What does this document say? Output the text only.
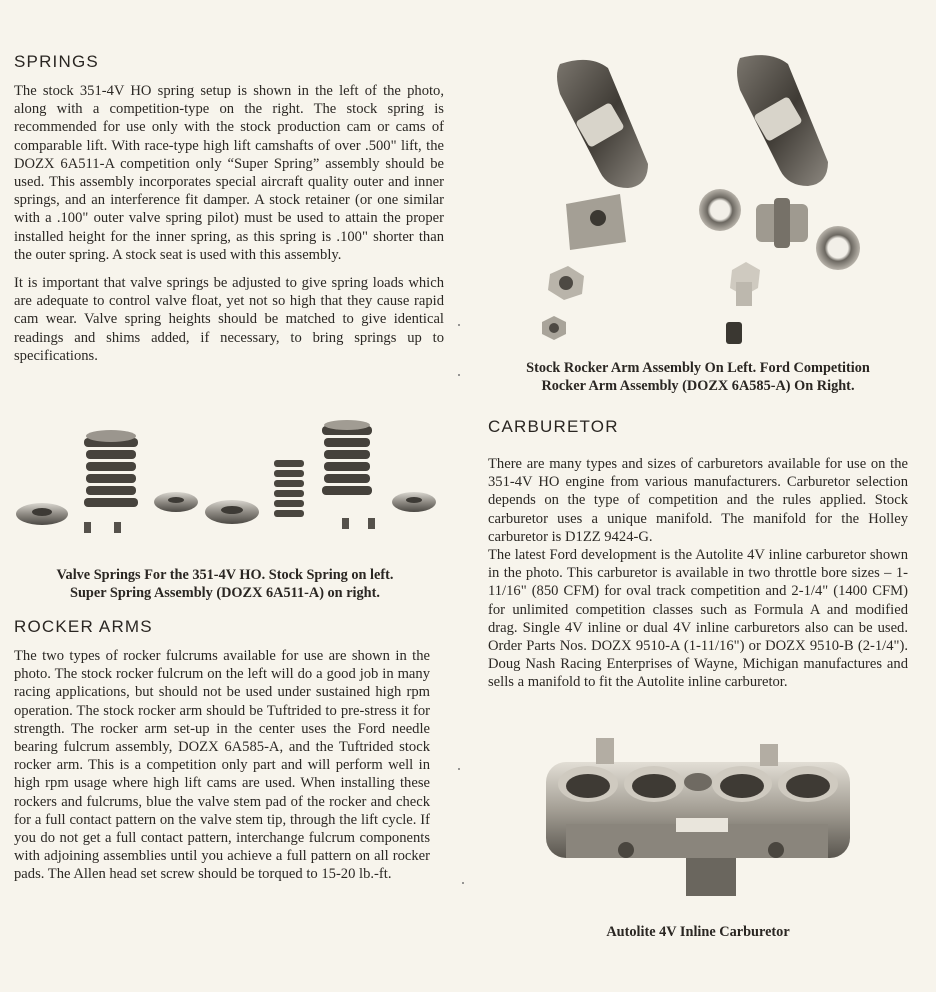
SPRINGS

The stock 351-4V HO spring setup is shown in the left of the photo, along with a competition-type on the right. The stock spring is recommended for use only with the stock production cam or cams of comparable lift. With race-type high lift camshafts of over .500" lift, the DOZX 6A511-A competition only “Super Spring” assembly should be used. This assembly incorporates special aircraft quality outer and inner springs, and an interference fit damper. A stock retainer (or one similar with a .100" outer valve spring pilot) must be used to attain the proper installed height for the inner spring, as this spring is .100" shorter than the outer spring. A stock seat is used with this assembly.

It is important that valve springs be adjusted to give spring loads which are adequate to control valve float, yet not so high that they cause rapid cam wear. Valve spring heights should be matched to give identical readings and shims added, if necessary, to bring springs up to specifications.

Valve Springs For the 351-4V HO. Stock Spring on left.
Super Spring Assembly (DOZX 6A511-A) on right.
ROCKER ARMS

The two types of rocker fulcrums available for use are shown in the photo. The stock rocker fulcrum on the left will do a good job in many racing applications, but should not be used under sustained high rpm operation. The stock rocker arm should be Tuftrided to pre-stress it for strength. The rocker arm set-up in the center uses the Ford needle bearing fulcrum assembly, DOZX 6A585-A, and the Tuftrided stock rocker arm. This is a competition only part and will perform well in high rpm usage where high lift cams are used. When installing these rockers and fulcrums, blue the valve stem pad of the rocker and check for a full contact pattern on the valve stem tip, through the lift cycle. If you do not get a full contact pattern, interchange fulcrum components with adjoining assemblies until you achieve a full pattern on all rocker pads. The Allen head set screw should be torqued to 15-20 lb.-ft.

Stock Rocker Arm Assembly On Left. Ford Competition
Rocker Arm Assembly (DOZX 6A585-A) On Right.
CARBURETOR

There are many types and sizes of carburetors available for use on the 351-4V HO engine from various manufacturers. Carburetor selection depends on the type of competition and the rules applied. Stock carburetor uses a unique manifold. The manifold for the Holley carburetor is D1ZZ 9424-G.

The latest Ford development is the Autolite 4V inline carburetor shown in the photo. This carburetor is available in two throttle bore sizes – 1-11/16" (850 CFM) for oval track competition and 2-1/4" (1400 CFM) for unlimited competition classes such as Formula A and modified drag. Single 4V inline or dual 4V inline carburetors also can be used. Order Parts Nos. DOZX 9510-A (1-11/16") or DOZX 9510-B (2-1/4"). Doug Nash Racing Enterprises of Wayne, Michigan manufactures and sells a manifold to fit the Autolite inline carburetor.

Autolite 4V Inline Carburetor
